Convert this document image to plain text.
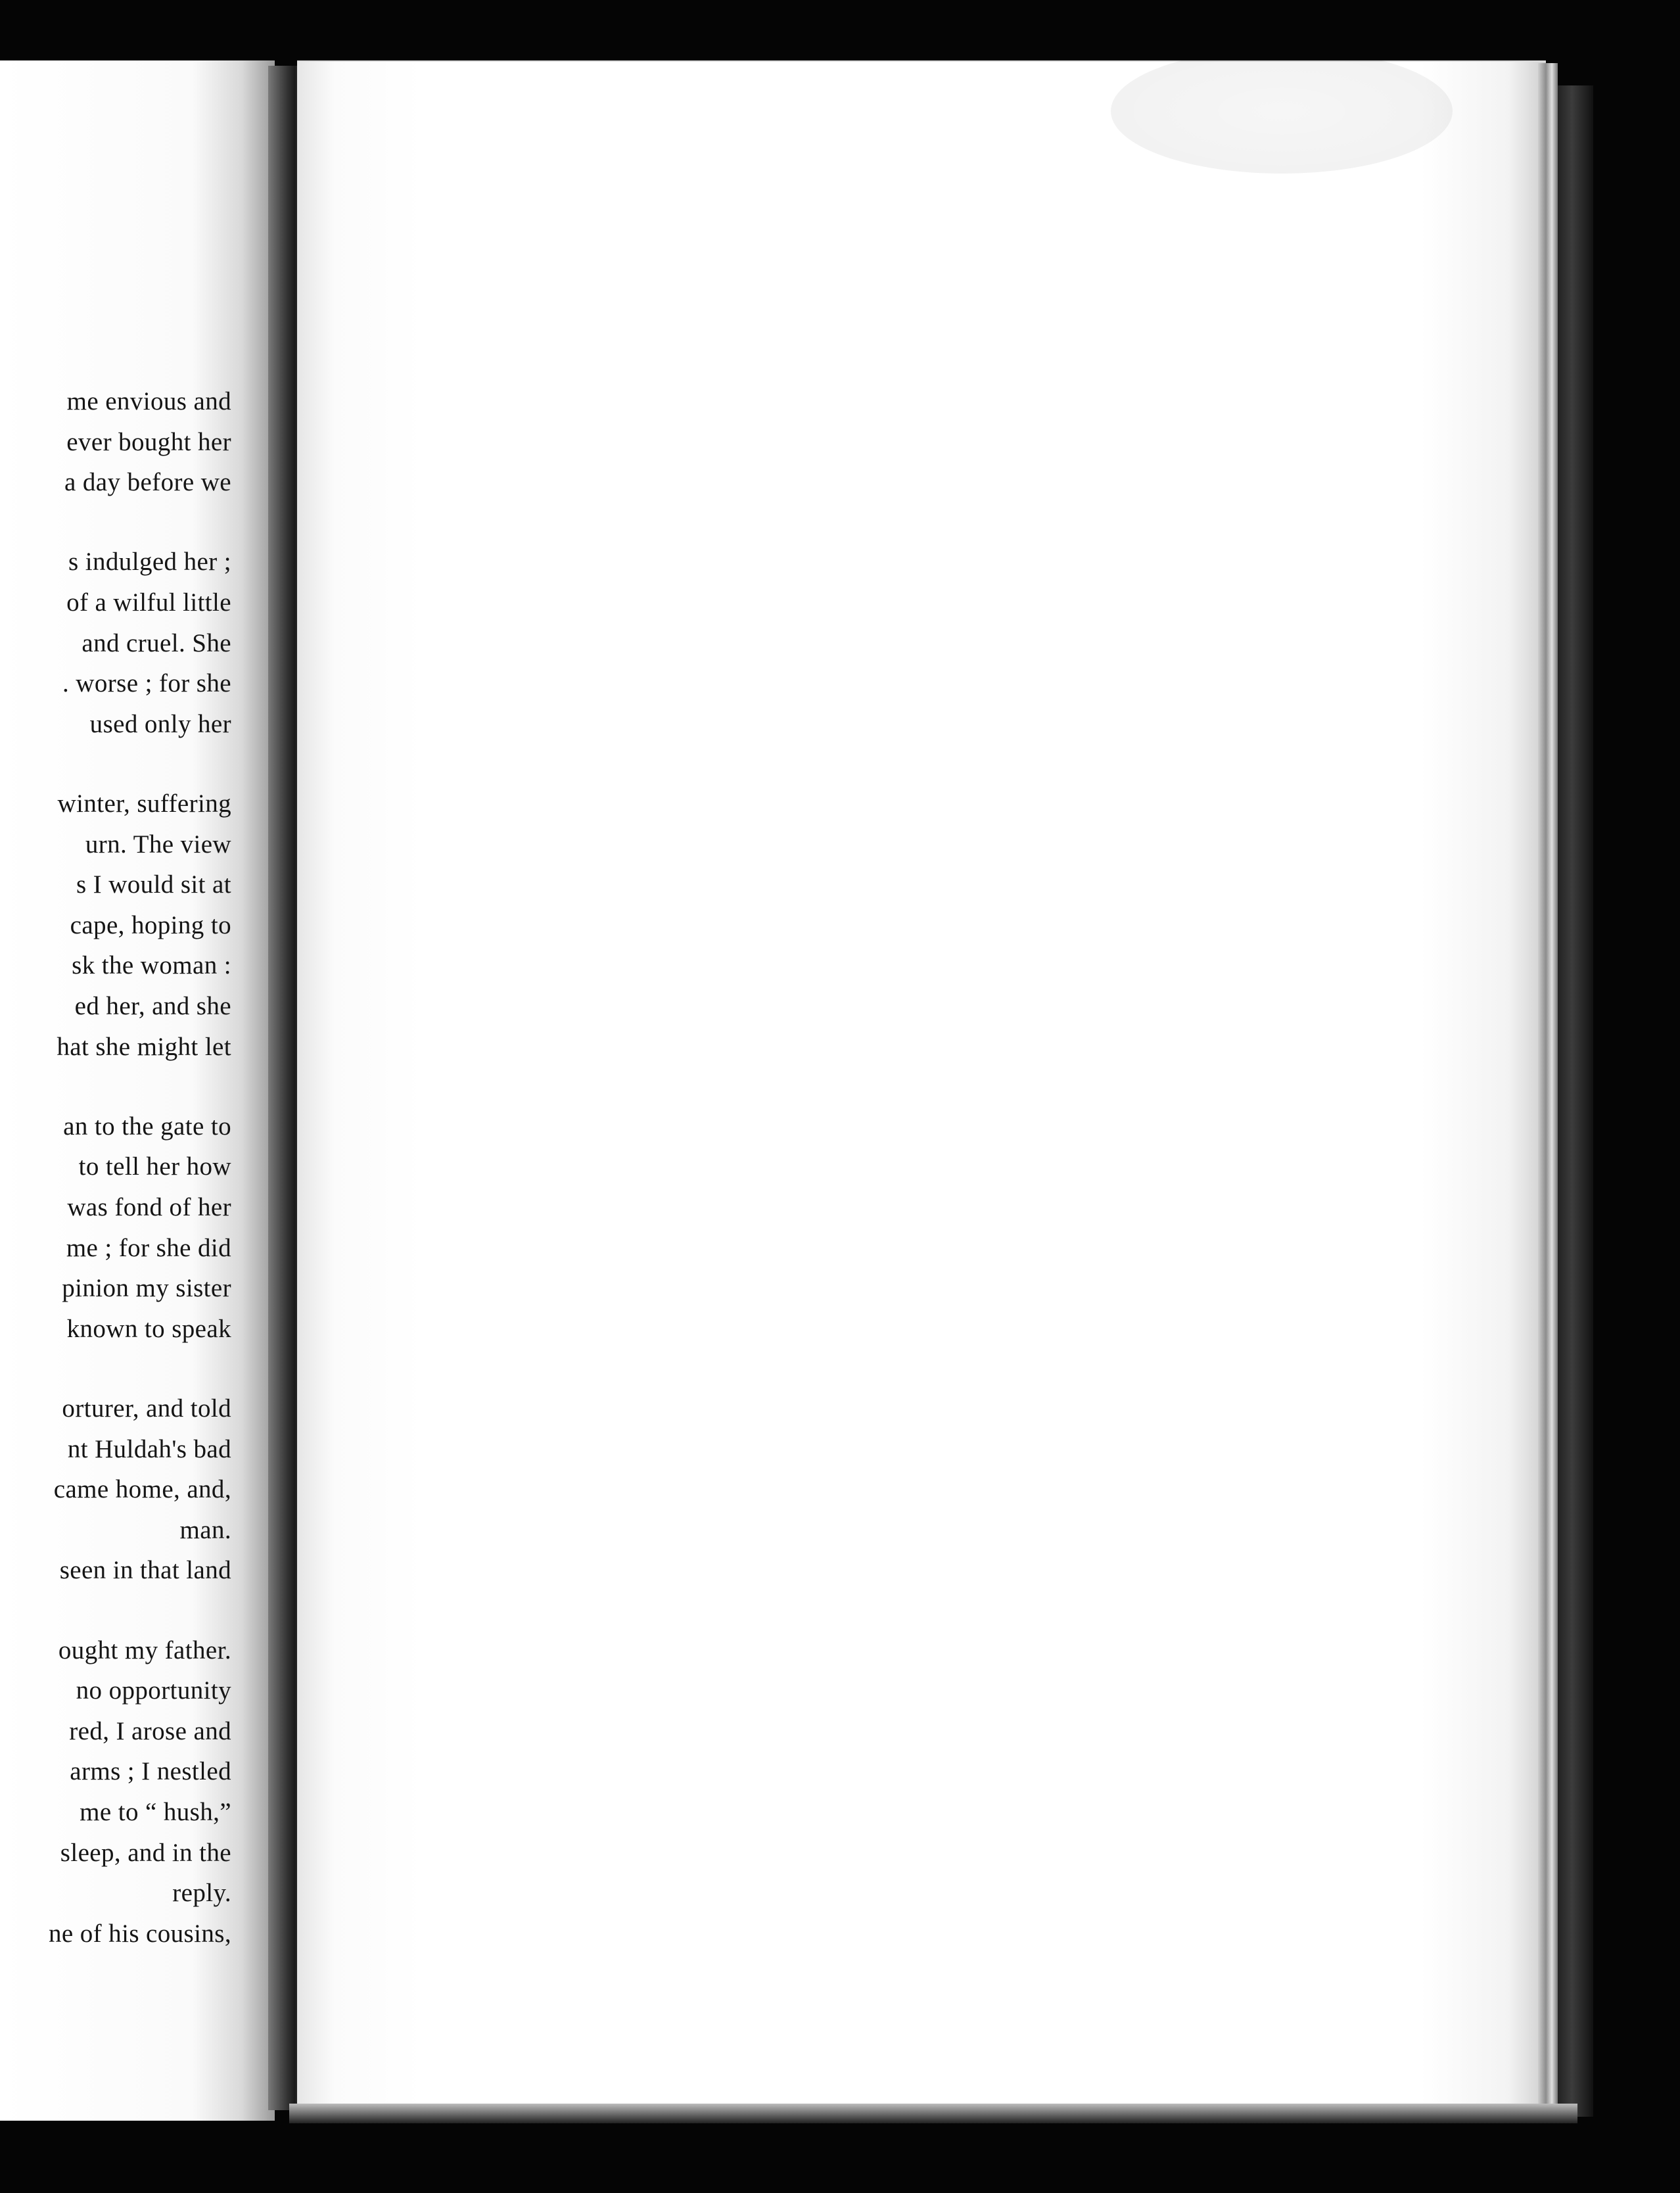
me envious and
ever bought her
a day before we
s indulged her ;
of a wilful little
and cruel. She
. worse ; for she
used only her
winter, suffering
urn. The view
s I would sit at
cape, hoping to
sk the woman :
ed her, and she
hat she might let
an to the gate to
to tell her how
was fond of her
me ; for she did
pinion my sister
known to speak
orturer, and told
nt Huldah's bad
came home, and,
man.
seen in that land
ought my father.
no opportunity
red, I arose and
arms ; I nestled
me to “ hush,”
sleep, and in the
reply.
ne of his cousins,
